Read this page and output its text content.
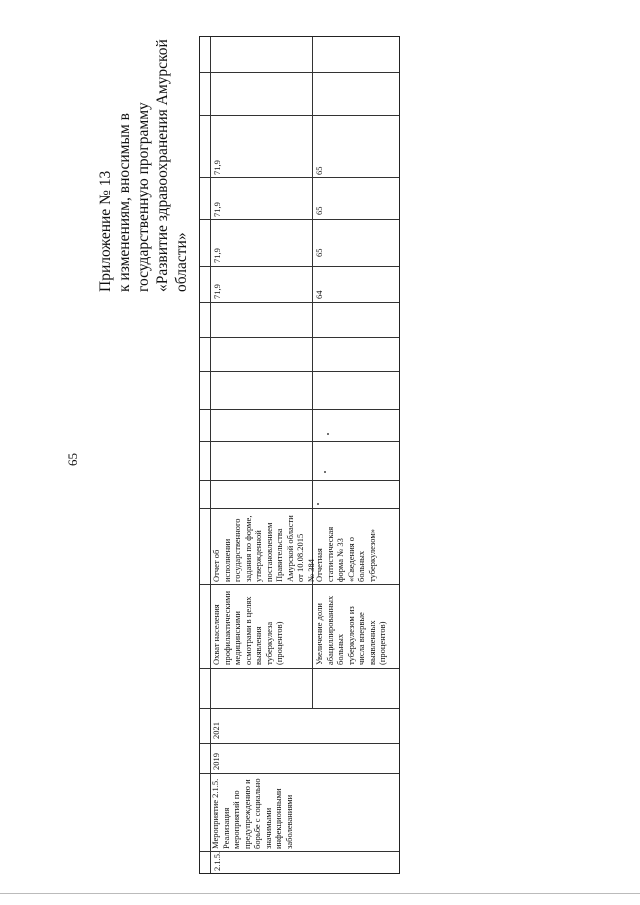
65
Приложение № 13 к изменениям, вносимым в государственную программу «Развитие здравоохранения Амурской области»
2.1.5.
Мероприятие 2.1.5. Реализация мероприятий по предупреждению и борьбе с социально значимыми инфекционными заболеваниями
2019
2021
Охват населения профилактическими медицинскими осмотрами в целях выявления туберкулеза (процентов)
Отчет об исполнении государственного задания по форме, утвержденной постановлением Правительства Амурской области от 10.08.2015 № 384
71,9
71,9
71,9
71,9
Увеличение доли абациллированных больных туберкулезом из числа впервые выявленных (процентов)
Отчетная статистическая форма № 33 «Сведения о больных туберкулезом»
64
65
65
65
